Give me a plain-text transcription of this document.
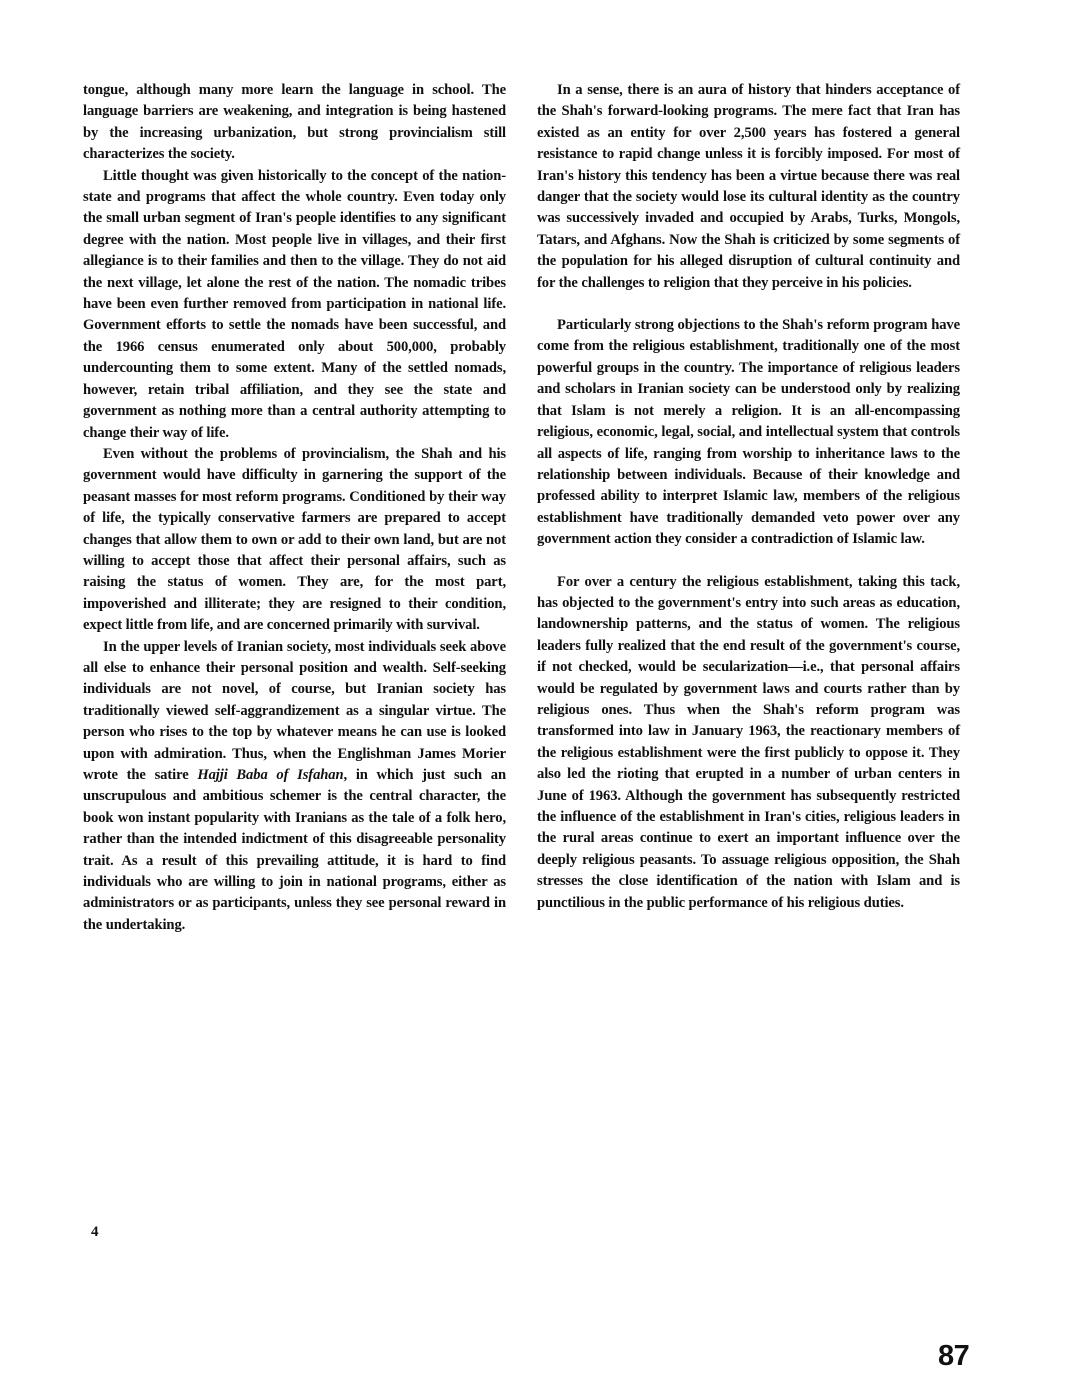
tongue, although many more learn the language in school. The language barriers are weakening, and integration is being hastened by the increasing urbanization, but strong provincialism still characterizes the society.

Little thought was given historically to the concept of the nation-state and programs that affect the whole country. Even today only the small urban segment of Iran's people identifies to any significant degree with the nation. Most people live in villages, and their first allegiance is to their families and then to the village. They do not aid the next village, let alone the rest of the nation. The nomadic tribes have been even further removed from participation in national life. Government efforts to settle the nomads have been successful, and the 1966 census enumerated only about 500,000, probably undercounting them to some extent. Many of the settled nomads, however, retain tribal affiliation, and they see the state and government as nothing more than a central authority attempting to change their way of life.

Even without the problems of provincialism, the Shah and his government would have difficulty in garnering the support of the peasant masses for most reform programs. Conditioned by their way of life, the typically conservative farmers are prepared to accept changes that allow them to own or add to their own land, but are not willing to accept those that affect their personal affairs, such as raising the status of women. They are, for the most part, impoverished and illiterate; they are resigned to their condition, expect little from life, and are concerned primarily with survival.

In the upper levels of Iranian society, most individuals seek above all else to enhance their personal position and wealth. Self-seeking individuals are not novel, of course, but Iranian society has traditionally viewed self-aggrandizement as a singular virtue. The person who rises to the top by whatever means he can use is looked upon with admiration. Thus, when the Englishman James Morier wrote the satire Hajji Baba of Isfahan, in which just such an unscrupulous and ambitious schemer is the central character, the book won instant popularity with Iranians as the tale of a folk hero, rather than the intended indictment of this disagreeable personality trait. As a result of this prevailing attitude, it is hard to find individuals who are willing to join in national programs, either as administrators or as participants, unless they see personal reward in the undertaking.

In a sense, there is an aura of history that hinders acceptance of the Shah's forward-looking programs. The mere fact that Iran has existed as an entity for over 2,500 years has fostered a general resistance to rapid change unless it is forcibly imposed. For most of Iran's history this tendency has been a virtue because there was real danger that the society would lose its cultural identity as the country was successively invaded and occupied by Arabs, Turks, Mongols, Tatars, and Afghans. Now the Shah is criticized by some segments of the population for his alleged disruption of cultural continuity and for the challenges to religion that they perceive in his policies.

Particularly strong objections to the Shah's reform program have come from the religious establishment, traditionally one of the most powerful groups in the country. The importance of religious leaders and scholars in Iranian society can be understood only by realizing that Islam is not merely a religion. It is an all-encompassing religious, economic, legal, social, and intellectual system that controls all aspects of life, ranging from worship to inheritance laws to the relationship between individuals. Because of their knowledge and professed ability to interpret Islamic law, members of the religious establishment have traditionally demanded veto power over any government action they consider a contradiction of Islamic law.

For over a century the religious establishment, taking this tack, has objected to the government's entry into such areas as education, landownership patterns, and the status of women. The religious leaders fully realized that the end result of the government's course, if not checked, would be secularization—i.e., that personal affairs would be regulated by government laws and courts rather than by religious ones. Thus when the Shah's reform program was transformed into law in January 1963, the reactionary members of the religious establishment were the first publicly to oppose it. They also led the rioting that erupted in a number of urban centers in June of 1963. Although the government has subsequently restricted the influence of the establishment in Iran's cities, religious leaders in the rural areas continue to exert an important influence over the deeply religious peasants. To assuage religious opposition, the Shah stresses the close identification of the nation with Islam and is punctilious in the public performance of his religious duties.

4
87
